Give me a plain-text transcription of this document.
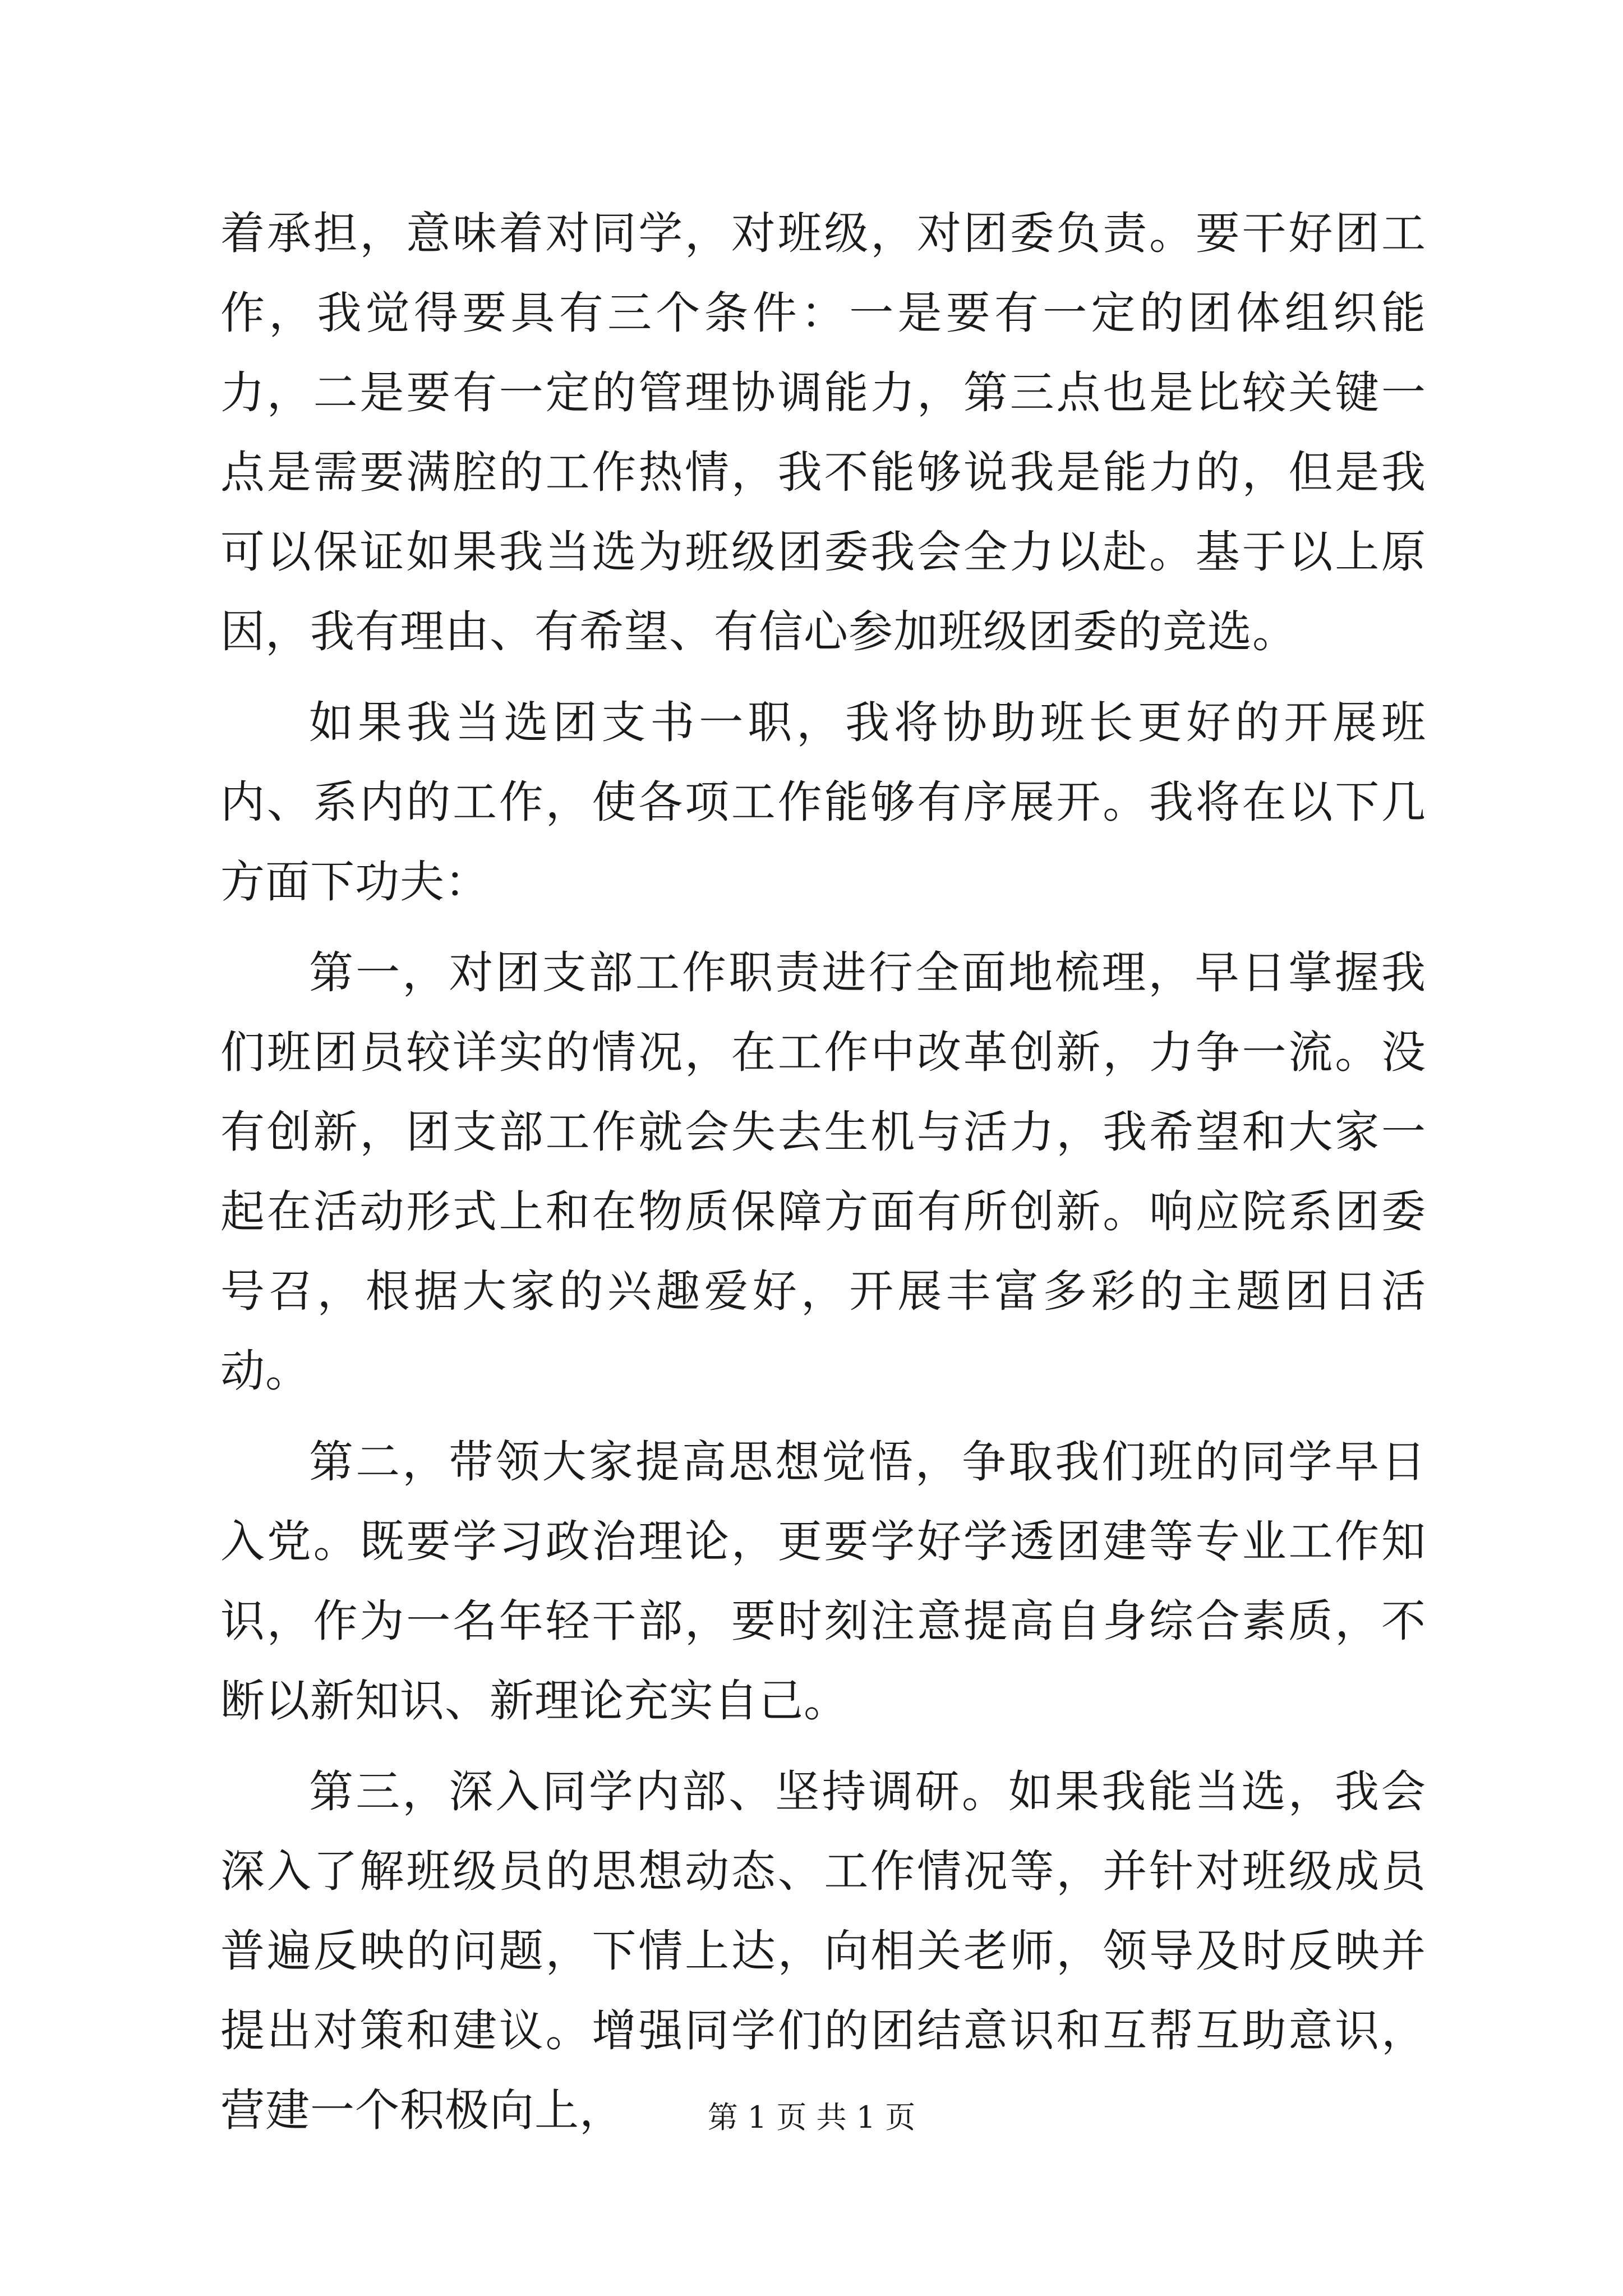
着承担，意味着对同学，对班级，对团委负责。要干好团工作，我觉得要具有三个条件：一是要有一定的团体组织能力，二是要有一定的管理协调能力，第三点也是比较关键一点是需要满腔的工作热情，我不能够说我是能力的，但是我可以保证如果我当选为班级团委我会全力以赴。基于以上原因，我有理由、有希望、有信心参加班级团委的竞选。

如果我当选团支书一职，我将协助班长更好的开展班内、系内的工作，使各项工作能够有序展开。我将在以下几方面下功夫：

第一，对团支部工作职责进行全面地梳理，早日掌握我们班团员较详实的情况，在工作中改革创新，力争一流。没有创新，团支部工作就会失去生机与活力，我希望和大家一起在活动形式上和在物质保障方面有所创新。响应院系团委号召，根据大家的兴趣爱好，开展丰富多彩的主题团日活动。

第二，带领大家提高思想觉悟，争取我们班的同学早日入党。既要学习政治理论，更要学好学透团建等专业工作知识，作为一名年轻干部，要时刻注意提高自身综合素质，不断以新知识、新理论充实自己。

第三，深入同学内部、坚持调研。如果我能当选，我会深入了解班级员的思想动态、工作情况等，并针对班级成员普遍反映的问题，下情上达，向相关老师，领导及时反映并提出对策和建议。增强同学们的团结意识和互帮互助意识，营建一个积极向上，	第 1 页 共 1 页
